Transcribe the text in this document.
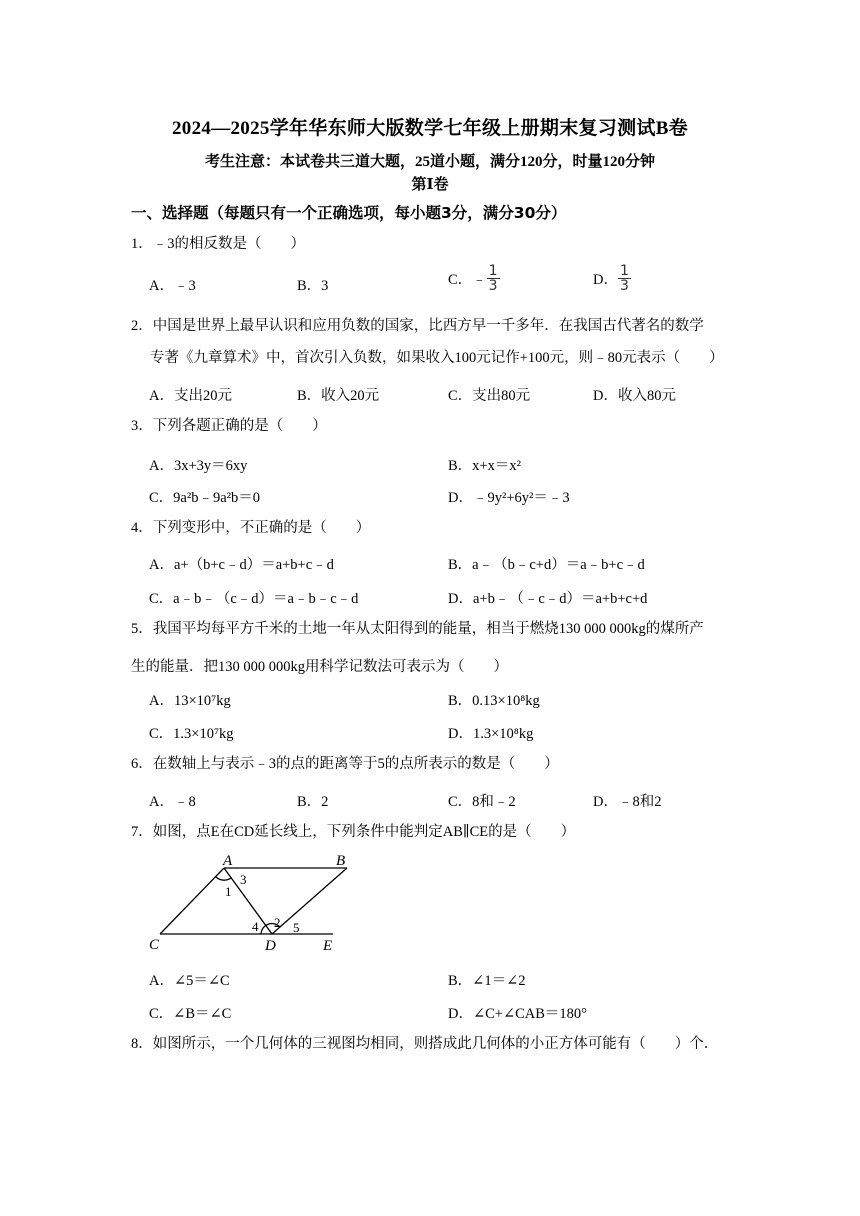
2024—2025学年华东师大版数学七年级上册期末复习测试B卷
考生注意：本试卷共三道大题，25道小题，满分120分，时量120分钟
第Ⅰ卷
一、选择题（每题只有一个正确选项，每小题3分，满分30分）
1．﹣3的相反数是（　　）
A．﹣3	B．3	C．﹣ $\frac{1}{3}$	D． $\frac{1}{3}$
2．中国是世界上最早认识和应用负数的国家，比西方早一千多年．在我国古代著名的数学
专著《九章算术》中，首次引入负数，如果收入100元记作+100元，则﹣80元表示（　　）
A．支出20元	B．收入20元	C．支出80元	D．收入80元
3．下列各题正确的是（　　）
A．3x+3y＝6xy	B．x+x＝x²
C．9a²b﹣9a²b＝0	D．﹣9y²+6y²＝﹣3
4．下列变形中，不正确的是（　　）
A．a+（b+c﹣d）＝a+b+c﹣d	B．a﹣（b﹣c+d）＝a﹣b+c﹣d
C．a﹣b﹣（c﹣d）＝a﹣b﹣c﹣d	D．a+b﹣（﹣c﹣d）＝a+b+c+d
5．我国平均每平方千米的土地一年从太阳得到的能量，相当于燃烧130 000 000kg的煤所产
生的能量．把130 000 000kg用科学记数法可表示为（　　）
A．13×10⁷kg	B．0.13×10⁸kg
C．1.3×10⁷kg	D．1.3×10⁸kg
6．在数轴上与表示﹣3的点的距离等于5的点所表示的数是（　　）
A．﹣8	B．2	C．8和﹣2	D．﹣8和2
7．如图，点E在CD延长线上，下列条件中能判定AB∥CE的是（　　）
A	B
C	D	E
1
2
3
4	5
A．∠5＝∠C	B．∠1＝∠2
C．∠B＝∠C	D．∠C+∠CAB＝180°
8．如图所示，一个几何体的三视图均相同，则搭成此几何体的小正方体可能有（　　）个．
